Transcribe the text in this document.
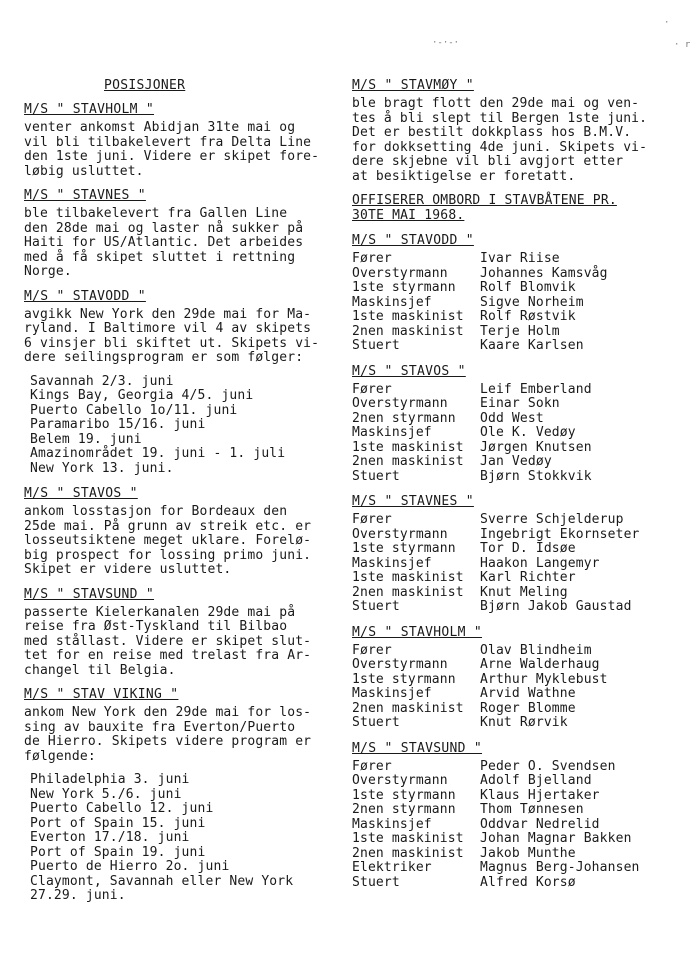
·-·-·
·
· r
POSISJONER
M/S " STAVHOLM "
venter ankomst Abidjan 31te mai og
vil bli tilbakelevert fra Delta Line
den 1ste juni. Videre er skipet fore-
løbig usluttet.
M/S " STAVNES "
ble tilbakelevert fra Gallen Line
den 28de mai og laster nå sukker på
Haiti for US/Atlantic. Det arbeides
med å få skipet sluttet i rettning
Norge.
M/S " STAVODD "
avgikk New York den 29de mai for Ma-
ryland. I Baltimore vil 4 av skipets
6 vinsjer bli skiftet ut. Skipets vi-
dere seilingsprogram er som følger:
Savannah 2/3. juni
Kings Bay, Georgia 4/5. juni
Puerto Cabello 1o/11. juni
Paramaribo 15/16. juni
Belem 19. juni
Amazinområdet 19. juni - 1. juli
New York 13. juni.
M/S " STAVOS "
ankom losstasjon for Bordeaux den
25de mai. På grunn av streik etc. er
losseutsiktene meget uklare. Forelø-
big prospect for lossing primo juni.
Skipet er videre usluttet.
M/S " STAVSUND "
passerte Kielerkanalen 29de mai på
reise fra Øst-Tyskland til Bilbao
med stållast. Videre er skipet slut-
tet for en reise med trelast fra Ar-
changel til Belgia.
M/S " STAV VIKING "
ankom New York den 29de mai for los-
sing av bauxite fra Everton/Puerto
de Hierro. Skipets videre program er
følgende:
Philadelphia 3. juni
New York 5./6. juni
Puerto Cabello 12. juni
Port of Spain 15. juni
Everton 17./18. juni
Port of Spain 19. juni
Puerto de Hierro 2o. juni
Claymont, Savannah eller New York
27.29. juni.
M/S " STAVMØY "
ble bragt flott den 29de mai og ven-
tes å bli slept til Bergen 1ste juni.
Det er bestilt dokkplass hos B.M.V.
for dokksetting 4de juni. Skipets vi-
dere skjebne vil bli avgjort etter
at besiktigelse er foretatt.
OFFISERER OMBORD I STAVBÅTENE PR.
30TE MAI 1968.
M/S " STAVODD "
Fører	Ivar Riise
Overstyrmann	Johannes Kamsvåg
1ste styrmann	Rolf Blomvik
Maskinsjef	Sigve Norheim
1ste maskinist	Rolf Røstvik
2nen maskinist	Terje Holm
Stuert	Kaare Karlsen
M/S " STAVOS "
Fører	Leif Emberland
Overstyrmann	Einar Sokn
2nen styrmann	Odd West
Maskinsjef	Ole K. Vedøy
1ste maskinist	Jørgen Knutsen
2nen maskinist	Jan Vedøy
Stuert	Bjørn Stokkvik
M/S " STAVNES "
Fører	Sverre Schjelderup
Overstyrmann	Ingebrigt Ekornseter
1ste styrmann	Tor D. Idsøe
Maskinsjef	Haakon Langemyr
1ste maskinist	Karl Richter
2nen maskinist	Knut Meling
Stuert	Bjørn Jakob Gaustad
M/S " STAVHOLM "
Fører	Olav Blindheim
Overstyrmann	Arne Walderhaug
1ste styrmann	Arthur Myklebust
Maskinsjef	Arvid Wathne
2nen maskinist	Roger Blomme
Stuert	Knut Rørvik
M/S " STAVSUND "
Fører	Peder O. Svendsen
Overstyrmann	Adolf Bjelland
1ste styrmann	Klaus Hjertaker
2nen styrmann	Thom Tønnesen
Maskinsjef	Oddvar Nedrelid
1ste maskinist	Johan Magnar Bakken
2nen maskinist	Jakob Munthe
Elektriker	Magnus Berg-Johansen
Stuert	Alfred Korsø
